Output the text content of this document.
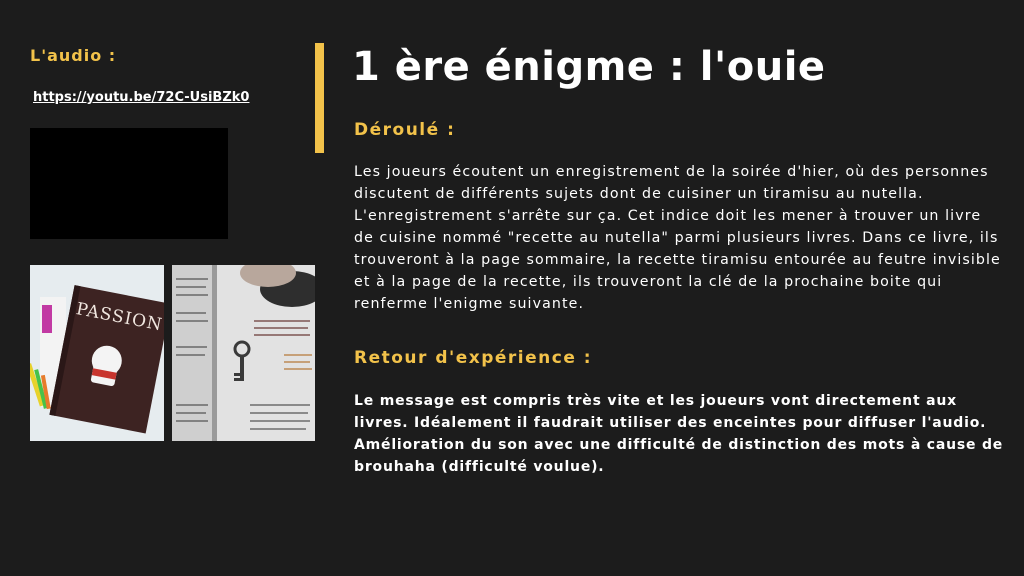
L'audio :
https://youtu.be/72C-UsiBZk0
PASSION
1 ère énigme : l'ouie
Déroulé :
Les joueurs écoutent un enregistrement de la soirée d'hier, où des personnes discutent de différents sujets dont de cuisiner un tiramisu au nutella. L'enregistrement s'arrête sur ça. Cet indice doit les mener à trouver un livre de cuisine nommé "recette au nutella" parmi plusieurs livres. Dans ce livre, ils trouveront à la page sommaire, la recette tiramisu entourée au feutre invisible et à la page de la recette, ils trouveront la clé de la prochaine boite qui renferme l'enigme suivante.
Retour d'expérience :
Le message est compris très vite et les joueurs vont directement aux livres. Idéalement il faudrait utiliser des enceintes pour diffuser l'audio. Amélioration du son avec une difficulté de distinction des mots à cause de brouhaha (difficulté voulue).
